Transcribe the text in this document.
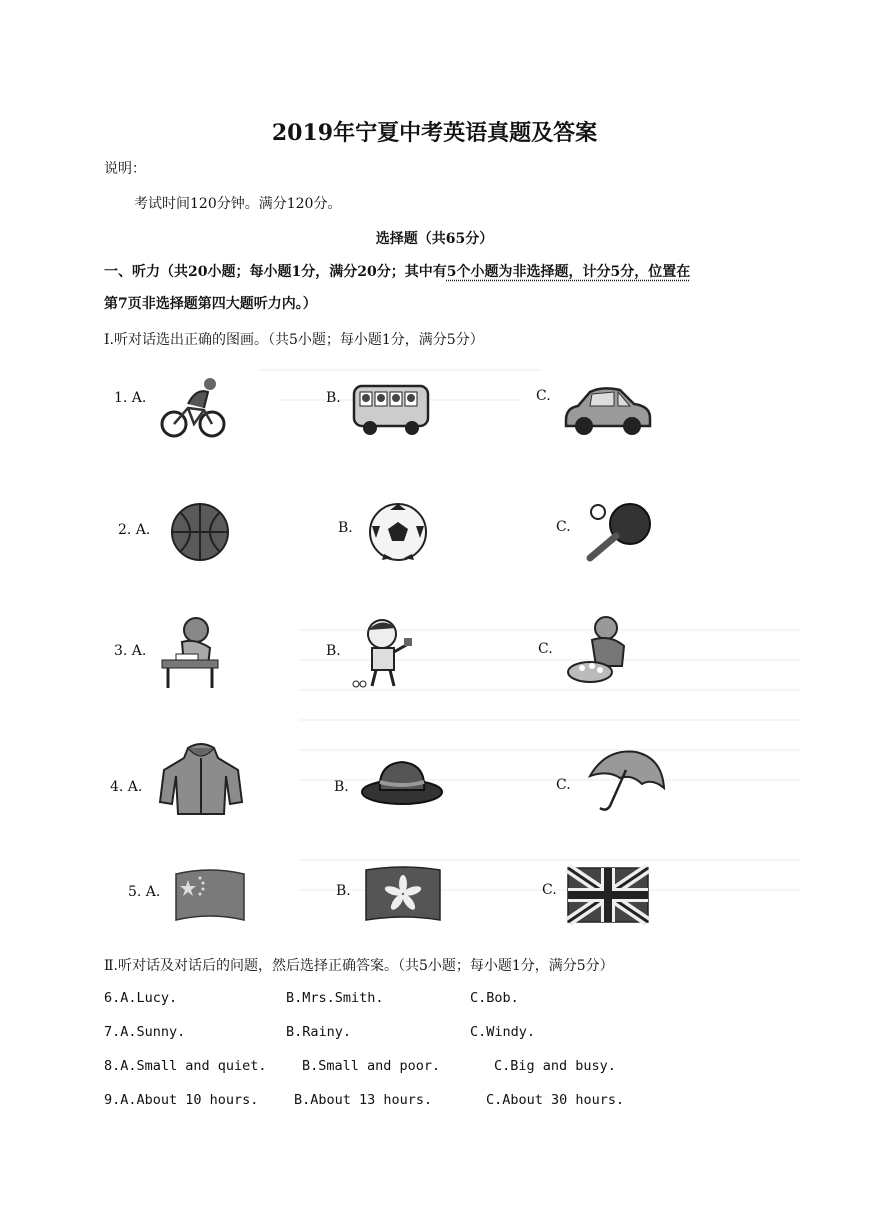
2019年宁夏中考英语真题及答案
说明：
考试时间120分钟。满分120分。
选择题（共65分）
一、听力（共20小题；每小题1分，满分20分；其中有5个小题为非选择题，计分5分，位置在
第7页非选择题第四大题听力内。）
Ⅰ.听对话选出正确的图画。（共5小题；每小题1分，满分5分）
1. A.	B.	C.
2. A.	B.	C.
3. A.	B.	C.
4. A.	B.	C.
5. A.	B.	C.
Ⅱ.听对话及对话后的问题，然后选择正确答案。（共5小题；每小题1分，满分5分）
6.A.Lucy.	B.Mrs.Smith.	C.Bob.
7.A.Sunny.	B.Rainy.	C.Windy.
8.A.Small and quiet.	B.Small and poor.	C.Big and busy.
9.A.About 10 hours.	B.About 13 hours.	C.About 30 hours.
